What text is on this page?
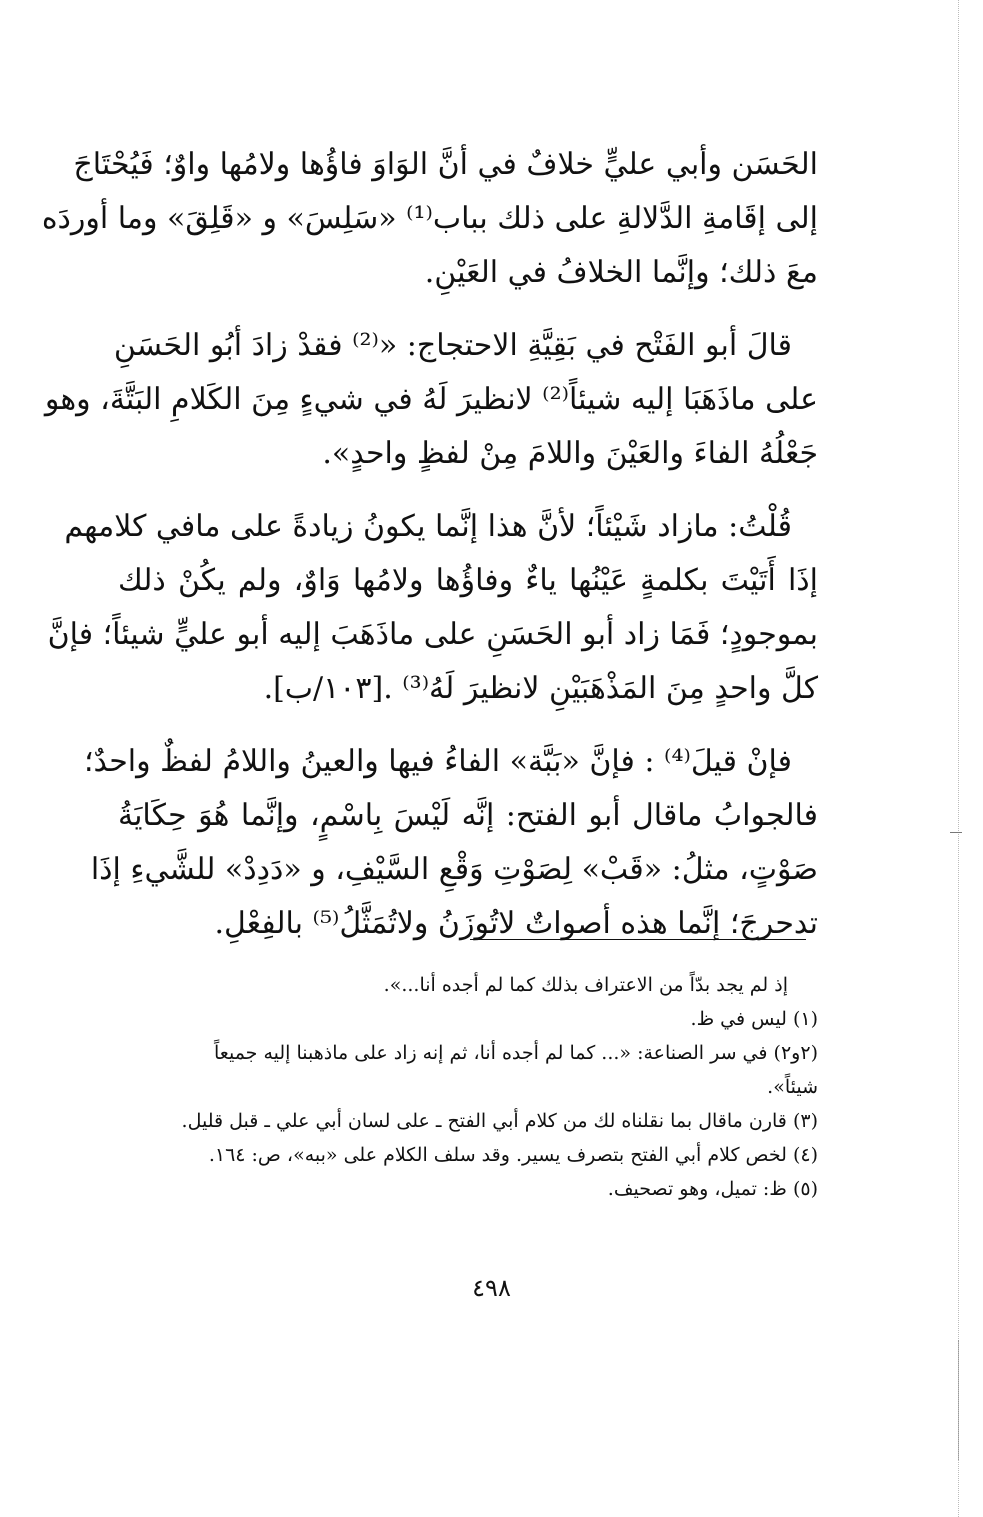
الحَسَن وأبي عليٍّ خلافٌ في أنَّ الوَاوَ فاؤُها ولامُها واوٌ؛ فَيُحْتَاجَ
إلى إقَامةِ الدَّلالةِ على ذلك بباب⁽¹⁾ «سَلِسَ» و «قَلِقَ» وما أوردَه
معَ ذلك؛ وإنَّما الخلافُ في العَيْنِ.
قالَ أبو الفَتْح في بَقِيَّةِ الاحتجاج: «⁽²⁾ فقدْ زادَ أبُو الحَسَنِ
على ماذَهَبَا إليه شيئاً⁽²⁾ لانظيرَ لَهُ في شيءٍ مِنَ الكَلامِ البَتَّةَ، وهو
جَعْلُهُ الفاءَ والعَيْنَ واللامَ مِنْ لفظٍ واحدٍ».
قُلْتُ: مازاد شَيْئاً؛ لأنَّ هذا إنَّما يكونُ زيادةً على مافي كلامهم
إذَا أَتَيْتَ بكلمةٍ عَيْنُها ياءٌ وفاؤُها ولامُها وَاوٌ، ولم يكُنْ ذلك
بموجودٍ؛ فَمَا زاد أبو الحَسَنِ على ماذَهَبَ إليه أبو عليٍّ شيئاً؛ فإنَّ
كلَّ واحدٍ مِنَ المَذْهَبَيْنِ لانظيرَ لَهُ⁽³⁾ .[١٠٣/ب].
فإنْ قيلَ⁽⁴⁾ : فإنَّ «بَبَّة» الفاءُ فيها والعينُ واللامُ لفظٌ واحدٌ؛
فالجوابُ ماقال أبو الفتح: إنَّه لَيْسَ بِاسْمٍ، وإنَّما هُوَ حِكَايَةُ
صَوْتٍ، مثلُ: «قَبْ» لِصَوْتِ وَقْعِ السَّيْفِ، و «دَدِدْ» للشَّيءِ إذَا
تدحرجَ؛ إنَّما هذه أصواتٌ لاتُوزَنُ ولاتُمَثَّلُ⁽⁵⁾ بالفِعْلِ.
إذ لم يجد بدّاً من الاعتراف بذلك كما لم أجده أنا...».
(١) ليس في ظ.
(٢و٢) في سر الصناعة: «... كما لم أجده أنا، ثم إنه زاد على ماذهبنا إليه جميعاً
شيئاً».
(٣) قارن ماقال بما نقلناه لك من كلام أبي الفتح ـ على لسان أبي علي ـ قبل قليل.
(٤) لخص كلام أبي الفتح بتصرف يسير. وقد سلف الكلام على «ببه»، ص: ١٦٤.
(٥) ظ: تميل، وهو تصحيف.
٤٩٨
